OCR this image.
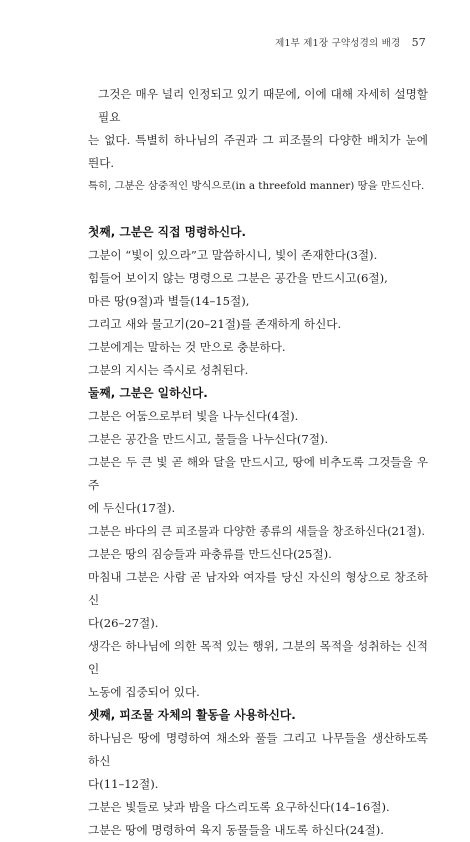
제1부 제1장 구약성경의 배경 57
그것은 매우 널리 인정되고 있기 때문에, 이에 대해 자세히 설명할 필요
는 없다. 특별히 하나님의 주권과 그 피조물의 다양한 배치가 눈에 띈다.
특히, 그분은 삼중적인 방식으로(in a threefold manner) 땅을 만드신다.
첫째, 그분은 직접 명령하신다.
그분이 “빛이 있으라”고 말씀하시니, 빛이 존재한다(3절).
힘들어 보이지 않는 명령으로 그분은 공간을 만드시고(6절),
마른 땅(9절)과 별들(14–15절),
그리고 새와 물고기(20–21절)를 존재하게 하신다.
그분에게는 말하는 것 만으로 충분하다.
그분의 지시는 즉시로 성취된다.
둘째, 그분은 일하신다.
그분은 어둠으로부터 빛을 나누신다(4절).
그분은 공간을 만드시고, 물들을 나누신다(7절).
그분은 두 큰 빛 곧 해와 달을 만드시고, 땅에 비추도록 그것들을 우주
에 두신다(17절).
그분은 바다의 큰 피조물과 다양한 종류의 새들을 창조하신다(21절).
그분은 땅의 짐승들과 파충류를 만드신다(25절).
마침내 그분은 사람 곧 남자와 여자를 당신 자신의 형상으로 창조하신
다(26–27절).
생각은 하나님에 의한 목적 있는 행위, 그분의 목적을 성취하는 신적인
노동에 집중되어 있다.
셋째, 피조물 자체의 활동을 사용하신다.
하나님은 땅에 명령하여 채소와 풀들 그리고 나무들을 생산하도록 하신
다(11–12절).
그분은 빛들로 낮과 밤을 다스리도록 요구하신다(14–16절).
그분은 땅에 명령하여 육지 동물들을 내도록 하신다(24절).
